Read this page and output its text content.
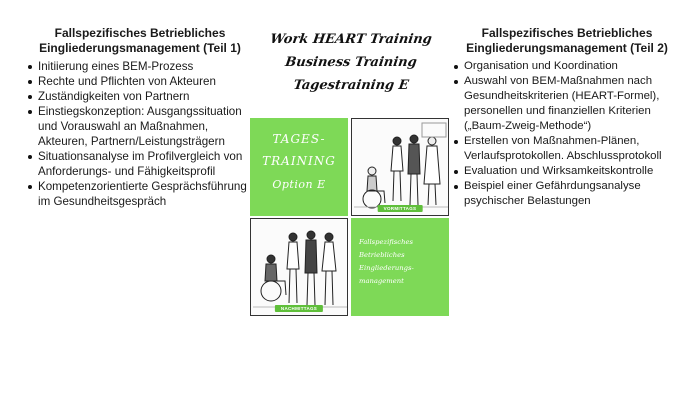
Fallspezifisches Betriebliches Eingliederungsmanagement (Teil 1)
Initiierung eines BEM-Prozess
Rechte und Pflichten von Akteuren
Zuständigkeiten von Partnern
Einstiegskonzeption: Ausgangssituation und Vorauswahl an Maßnahmen, Akteuren, Partnern/Leistungsträgern
Situationsanalyse im Profilvergleich von Anforderungs- und Fähigkeitsprofil
Kompetenzorientierte Gesprächsführung im Gesundheitsgespräch
Work HEART Training
Business Training
Tagestraining E
TAGES-
TRAINING
Option E
VORMITTAGS
NACHMITTAGS
Fallspezifisches
Betriebliches
Eingliederungs-
management
Fallspezifisches Betriebliches Eingliederungsmanagement (Teil 2)
Organisation und Koordination
Auswahl von BEM-Maßnahmen nach Gesundheitskriterien (HEART-Formel), personellen und finanziellen Kriterien („Baum-Zweig-Methode“)
Erstellen von Maßnahmen-Plänen, Verlaufsprotokollen. Abschlussprotokoll
Evaluation und Wirksamkeitskontrolle
Beispiel einer Gefährdungsanalyse psychischer Belastungen
